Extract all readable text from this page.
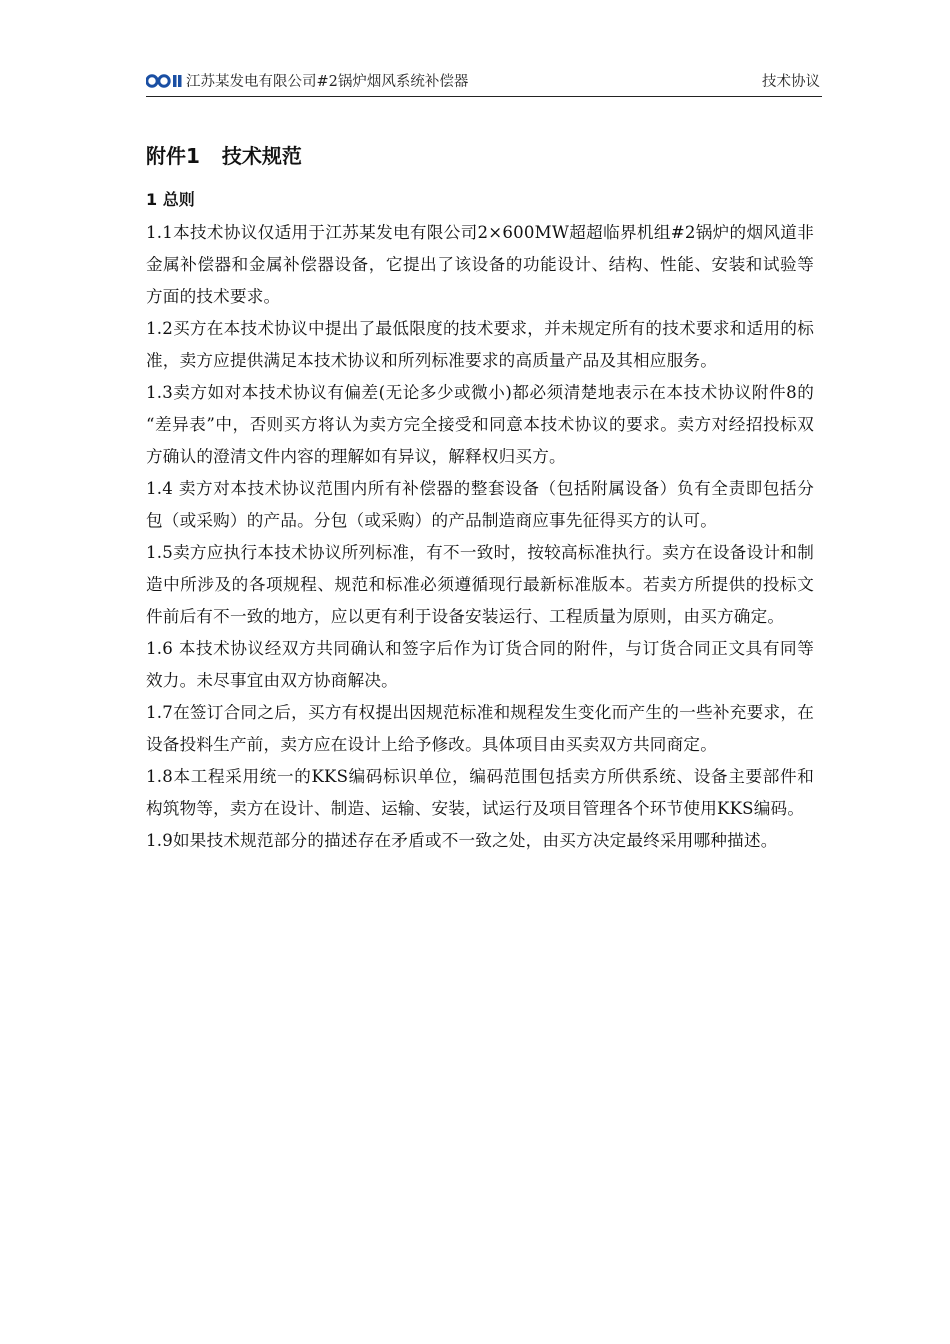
江苏某发电有限公司#2锅炉烟风系统补偿器	技术协议
附件1 技术规范
1 总则

1.1本技术协议仅适用于江苏某发电有限公司2×600MW超超临界机组#2锅炉的烟风道非金属补偿器和金属补偿器设备，它提出了该设备的功能设计、结构、性能、安装和试验等方面的技术要求。

1.2买方在本技术协议中提出了最低限度的技术要求，并未规定所有的技术要求和适用的标准，卖方应提供满足本技术协议和所列标准要求的高质量产品及其相应服务。

1.3卖方如对本技术协议有偏差(无论多少或微小)都必须清楚地表示在本技术协议附件8的 “差异表”中，否则买方将认为卖方完全接受和同意本技术协议的要求。卖方对经招投标双方确认的澄清文件内容的理解如有异议，解释权归买方。

1.4 卖方对本技术协议范围内所有补偿器的整套设备（包括附属设备）负有全责即包括分包（或采购）的产品。分包（或采购）的产品制造商应事先征得买方的认可。

1.5卖方应执行本技术协议所列标准，有不一致时，按较高标准执行。卖方在设备设计和制造中所涉及的各项规程、规范和标准必须遵循现行最新标准版本。若卖方所提供的投标文件前后有不一致的地方，应以更有利于设备安装运行、工程质量为原则，由买方确定。

1.6 本技术协议经双方共同确认和签字后作为订货合同的附件，与订货合同正文具有同等效力。未尽事宜由双方协商解决。

1.7在签订合同之后，买方有权提出因规范标准和规程发生变化而产生的一些补充要求，在设备投料生产前，卖方应在设计上给予修改。具体项目由买卖双方共同商定。

1.8本工程采用统一的KKS编码标识单位，编码范围包括卖方所供系统、设备主要部件和构筑物等，卖方在设计、制造、运输、安装，试运行及项目管理各个环节使用KKS编码。

1.9如果技术规范部分的描述存在矛盾或不一致之处，由买方决定最终采用哪种描述。
